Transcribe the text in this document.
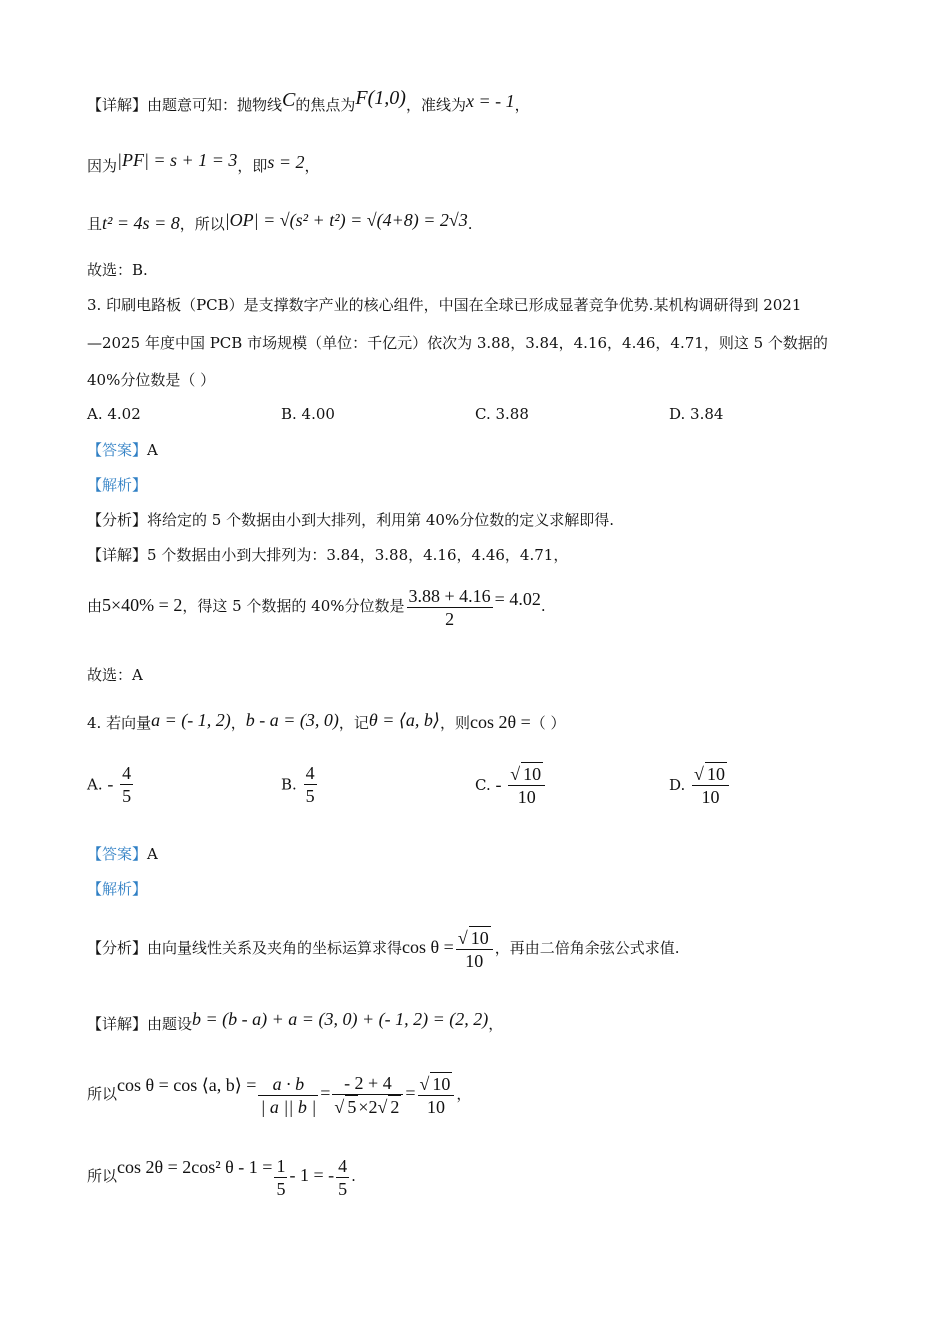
【详解】由题意可知：抛物线C的焦点为F(1,0)，准线为x = - 1，
因为|PF| = s + 1 = 3，即s = 2，
且t² = 4s = 8，所以|OP| = √(s² + t²) = √(4+8) = 2√3.
故选：B.
3. 印刷电路板（PCB）是支撑数字产业的核心组件，中国在全球已形成显著竞争优势.某机构调研得到 2021
—2025 年度中国 PCB 市场规模（单位：千亿元）依次为 3.88，3.84，4.16，4.46，4.71，则这 5 个数据的
40%分位数是（ ）
A. 4.02	B. 4.00	C. 3.88	D. 3.84
【答案】A
【解析】
【分析】将给定的 5 个数据由小到大排列，利用第 40%分位数的定义求解即得.
【详解】5 个数据由小到大排列为：3.84，3.88，4.16，4.46，4.71，
由5×40% = 2，得这 5 个数据的 40%分位数是 $\frac{3.88 + 4.16}{2} = 4.02$.
故选：A
4. 若向量a = (- 1, 2)，b - a = (3, 0)，记θ = ⟨a, b⟩，则cos 2θ =（ ）
A. - $\frac{4}{5}$	B. $\frac{4}{5}$	C. - $\frac{√ 10}{10}$	D. $\frac{√ 10}{10}$
【答案】A
【解析】
【分析】由向量线性关系及夹角的坐标运算求得$\cos \theta = \frac{√ 10}{10}$ ，再由二倍角余弦公式求值.
【详解】由题设b = (b - a) + a = (3, 0) + (- 1, 2) = (2, 2)，
所以cos θ = cos ⟨a, b⟩ = $\frac{a \cdot b}{| a || b |} = \frac{- 2 + 4}{√ 5 \times 2√ 2} = \frac{√ 10}{10}$ ，
所以cos 2θ = 2cos² $\theta - 1 = \frac{1}{5} - 1$ = - $\frac{4}{5}$ .
